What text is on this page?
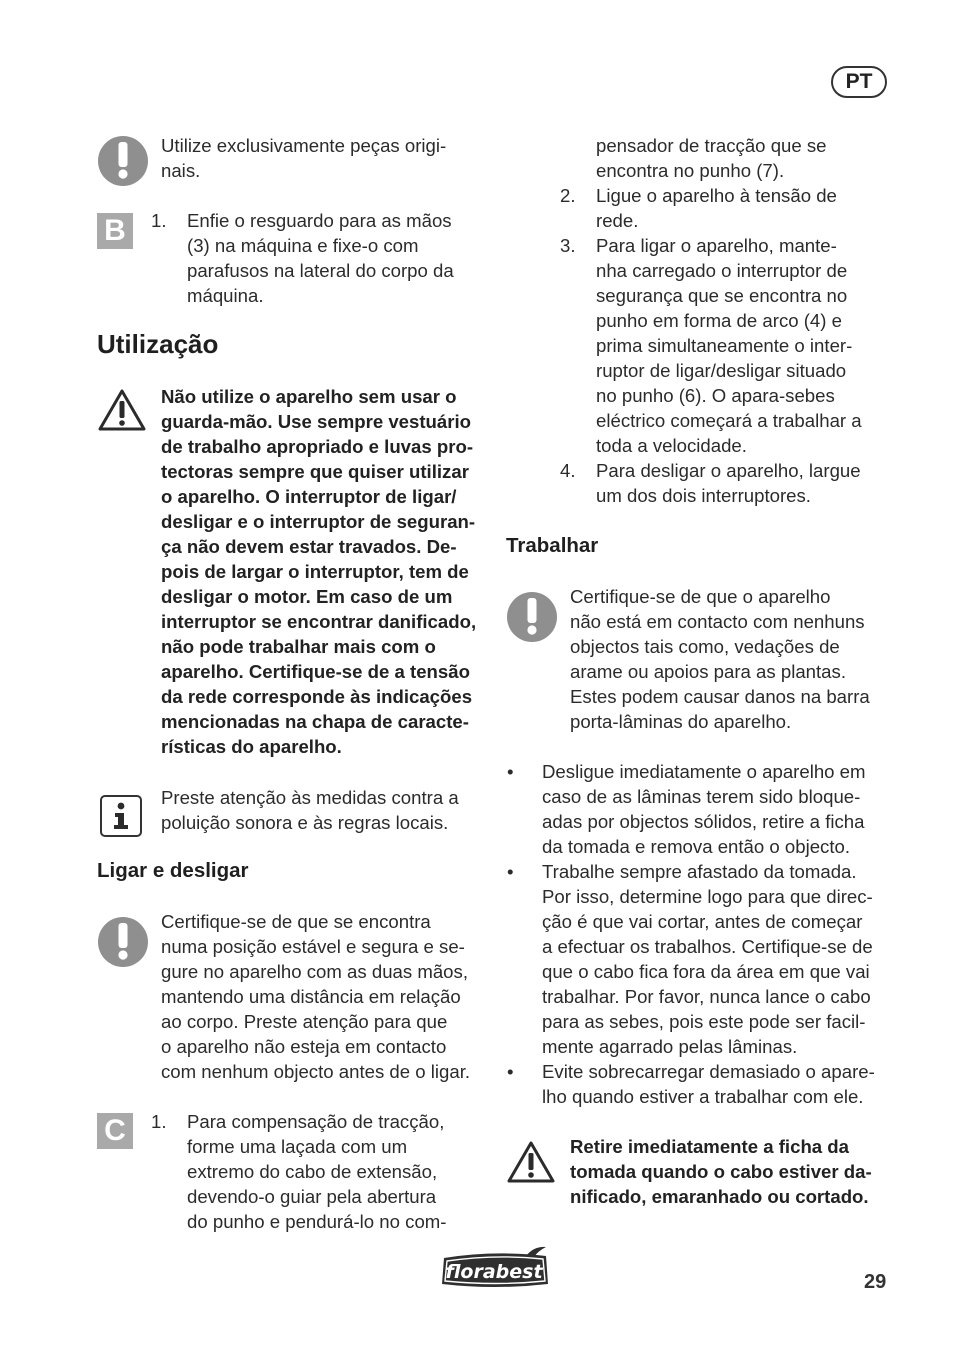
PT
Utilize exclusivamente peças origi-
nais.
B	1. Enfie o resguardo para as mãos
(3) na máquina e fixe-o com
parafusos na lateral do corpo da
máquina.
Utilização
Não utilize o aparelho sem usar o
guarda-mão. Use sempre vestuário
de trabalho apropriado e luvas pro-
tectoras sempre que quiser utilizar
o aparelho. O interruptor de ligar/
desligar e o interruptor de seguran-
ça não devem estar travados. De-
pois de largar o interruptor, tem de
desligar o motor. Em caso de um
interruptor se encontrar danificado,
não pode trabalhar mais com o
aparelho. Certifique-se de a tensão
da rede corresponde às indicações
mencionadas na chapa de caracte-
rísticas do aparelho.
Preste atenção às medidas contra a
poluição sonora e às regras locais.
Ligar e desligar
Certifique-se de que se encontra
numa posição estável e segura e se-
gure no aparelho com as duas mãos,
mantendo uma distância em relação
ao corpo. Preste atenção para que
o aparelho não esteja em contacto
com nenhum objecto antes de o ligar.
C	1. Para compensação de tracção,
forme uma laçada com um
extremo do cabo de extensão,
devendo-o guiar pela abertura
do punho e pendurá-lo no com-
pensador de tracção que se
encontra no punho (7).
2. Ligue o aparelho à tensão de
rede.
3. Para ligar o aparelho, mante-
nha carregado o interruptor de
segurança que se encontra no
punho em forma de arco (4) e
prima simultaneamente o inter-
ruptor de ligar/desligar situado
no punho (6). O apara-sebes
eléctrico começará a trabalhar a
toda a velocidade.
4. Para desligar o aparelho, largue
um dos dois interruptores.
Trabalhar
Certifique-se de que o aparelho
não está em contacto com nenhuns
objectos tais como, vedações de
arame ou apoios para as plantas.
Estes podem causar danos na barra
porta-lâminas do aparelho.
• Desligue imediatamente o aparelho em
caso de as lâminas terem sido bloque-
adas por objectos sólidos, retire a ficha
da tomada e remova então o objecto.
• Trabalhe sempre afastado da tomada.
Por isso, determine logo para que direc-
ção é que vai cortar, antes de começar
a efectuar os trabalhos. Certifique-se de
que o cabo fica fora da área em que vai
trabalhar. Por favor, nunca lance o cabo
para as sebes, pois este pode ser facil-
mente agarrado pelas lâminas.
• Evite sobrecarregar demasiado o apare-
lho quando estiver a trabalhar com ele.
Retire imediatamente a ficha da
tomada quando o cabo estiver da-
nificado, emaranhado ou cortado.
florabest	29
